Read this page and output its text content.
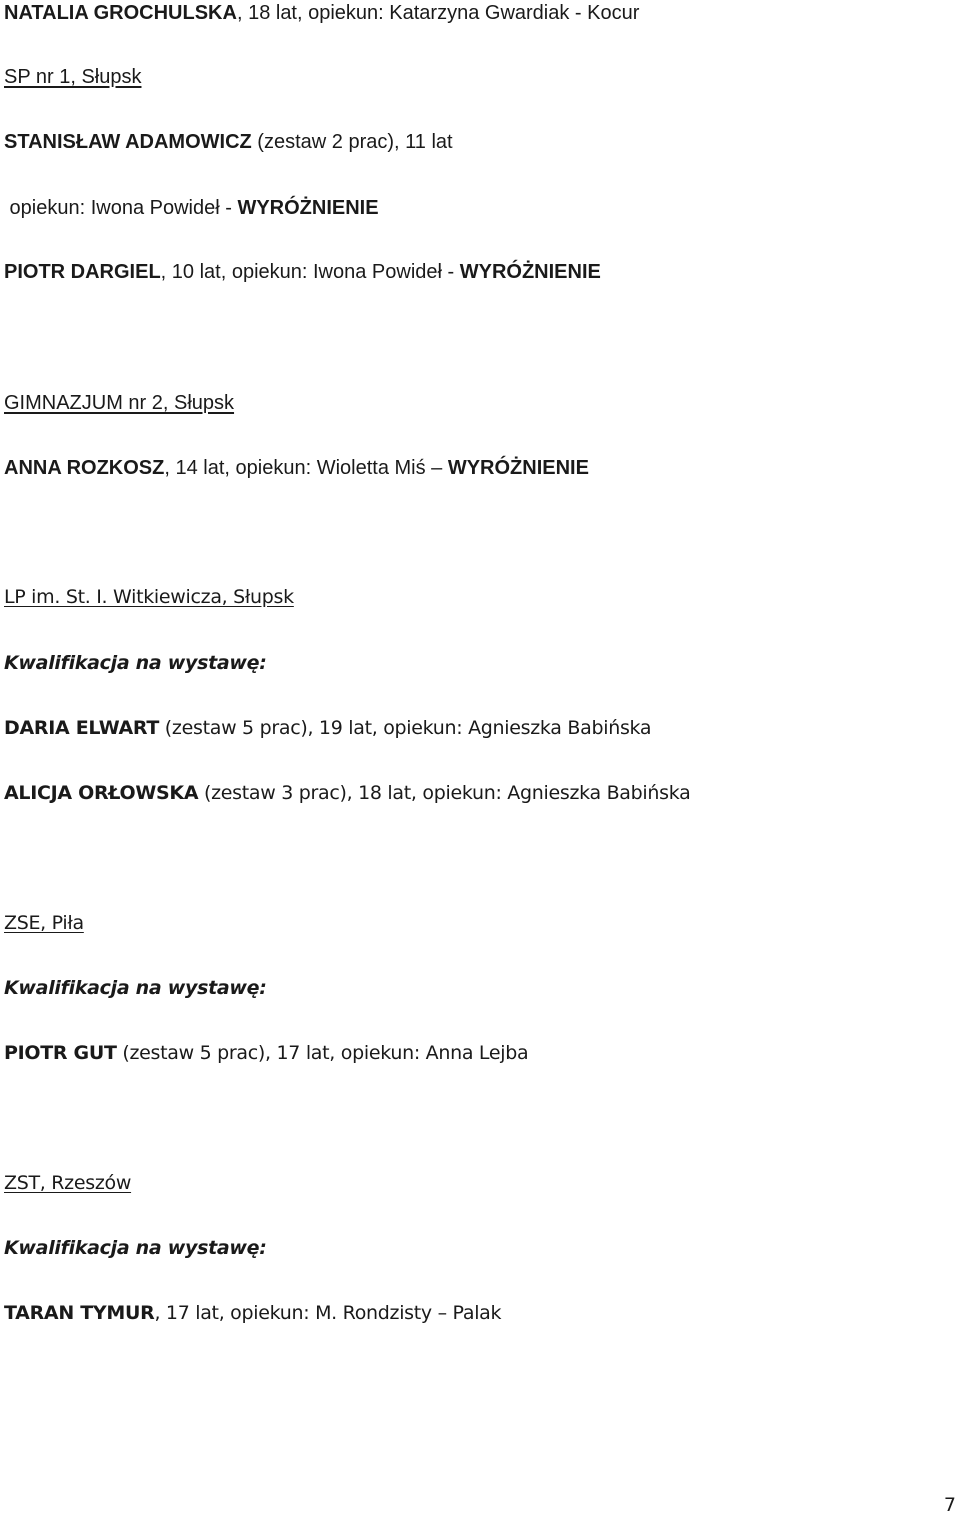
NATALIA GROCHULSKA, 18 lat, opiekun: Katarzyna Gwardiak - Kocur
SP nr 1, Słupsk
STANISŁAW ADAMOWICZ (zestaw 2 prac), 11 lat
opiekun: Iwona Powideł - WYRÓŻNIENIE
PIOTR DARGIEL, 10 lat, opiekun: Iwona Powideł - WYRÓŻNIENIE
GIMNAZJUM nr 2, Słupsk
ANNA ROZKOSZ, 14 lat, opiekun: Wioletta Miś – WYRÓŻNIENIE
LP im. St. I. Witkiewicza, Słupsk
Kwalifikacja na wystawę:
DARIA ELWART (zestaw 5 prac), 19 lat, opiekun: Agnieszka Babińska
ALICJA ORŁOWSKA (zestaw 3 prac), 18 lat, opiekun: Agnieszka Babińska
ZSE, Piła
Kwalifikacja na wystawę:
PIOTR GUT (zestaw 5 prac), 17 lat, opiekun: Anna Lejba
ZST, Rzeszów
Kwalifikacja na wystawę:
TARAN TYMUR, 17 lat, opiekun: M. Rondzisty – Palak
7
